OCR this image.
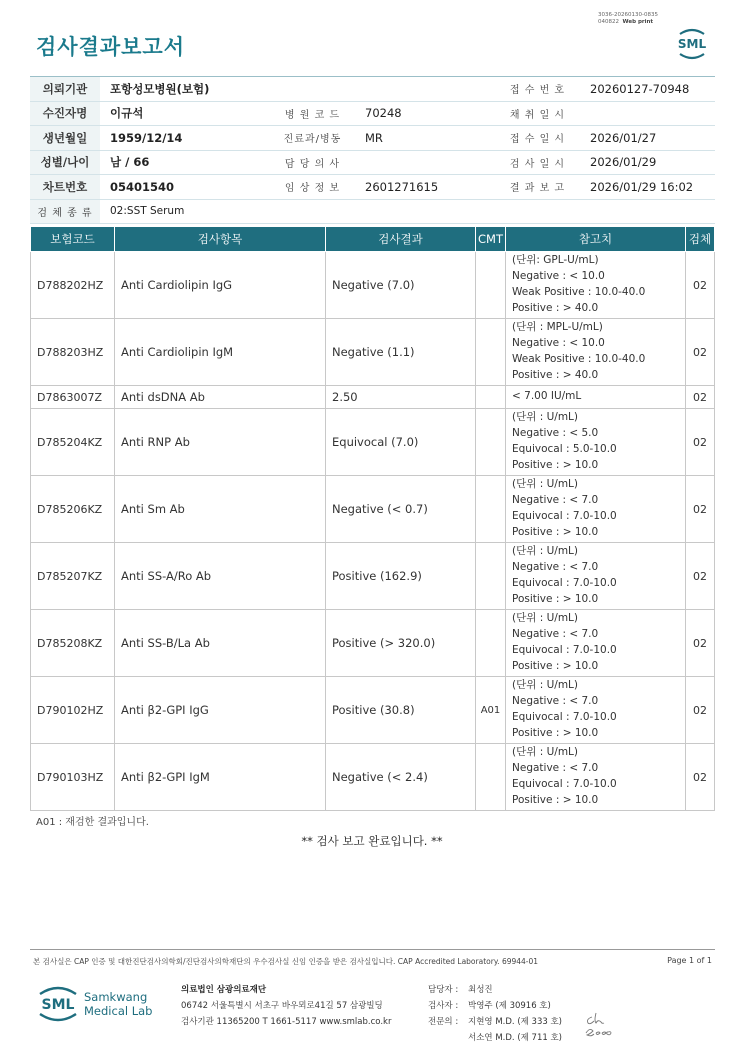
3036-20260130-0835
040822 Web print
검사결과보고서	SML
의뢰기관	포항성모병원(보험)			접 수 번 호	20260127-70948
수진자명	이규석	병 원 코 드	70248	채 취 일 시	
생년월일	1959/12/14	진료과/병동	MR	접 수 일 시	2026/01/27
성별/나이	남 / 66	담 당 의 사		검 사 일 시	2026/01/29
차트번호	05401540	임 상 정 보	2601271615	결 과 보 고	2026/01/29 16:02
검 체 종 류	02:SST Serum				
보험코드	검사항목	검사결과	CMT	참고치	검체
D788202HZ	Anti Cardiolipin IgG	Negative (7.0)		(단위: GPL-U/mL)
Negative : < 10.0
Weak Positive : 10.0-40.0
Positive : > 40.0	02
D788203HZ	Anti Cardiolipin IgM	Negative (1.1)		(단위 : MPL-U/mL)
Negative : < 10.0
Weak Positive : 10.0-40.0
Positive : > 40.0	02
D7863007Z	Anti dsDNA Ab	2.50		< 7.00 IU/mL	02
D785204KZ	Anti RNP Ab	Equivocal (7.0)		(단위 : U/mL)
Negative : < 5.0
Equivocal : 5.0-10.0
Positive : > 10.0	02
D785206KZ	Anti Sm Ab	Negative (< 0.7)		(단위 : U/mL)
Negative : < 7.0
Equivocal : 7.0-10.0
Positive : > 10.0	02
D785207KZ	Anti SS-A/Ro Ab	Positive (162.9)		(단위 : U/mL)
Negative : < 7.0
Equivocal : 7.0-10.0
Positive : > 10.0	02
D785208KZ	Anti SS-B/La Ab	Positive (> 320.0)		(단위 : U/mL)
Negative : < 7.0
Equivocal : 7.0-10.0
Positive : > 10.0	02
D790102HZ	Anti β2-GPI IgG	Positive (30.8)	A01	(단위 : U/mL)
Negative : < 7.0
Equivocal : 7.0-10.0
Positive : > 10.0	02
D790103HZ	Anti β2-GPI IgM	Negative (< 2.4)		(단위 : U/mL)
Negative : < 7.0
Equivocal : 7.0-10.0
Positive : > 10.0	02
A01 : 재검한 결과입니다.
** 검사 보고 완료입니다. **
본 검사실은 CAP 인증 및 대한진단검사의학회/진단검사의학재단의 우수검사실 신임 인증을 받은 검사실입니다. CAP Accredited Laboratory. 69944-01	Page 1 of 1
SML Samkwang
Medical Lab
의료법인 삼광의료재단
06742 서울특별시 서초구 바우뫼로41길 57 삼광빌딩
검사기관 11365200 T 1661-5117 www.smlab.co.kr
담당자 :	최성진
검사자 :	박영주 (제 30916 호)
전문의 :	지현영 M.D. (제 333 호)
서소연 M.D. (제 711 호)
